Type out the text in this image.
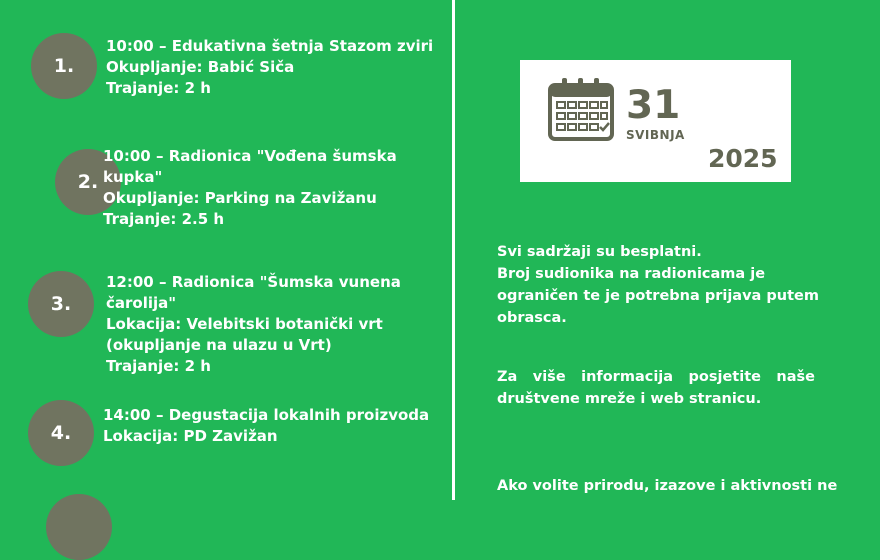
1.
10:00 – Edukativna šetnja Stazom zviri
Okupljanje: Babić Siča
Trajanje: 2 h
2.
10:00 – Radionica "Vođena šumska
kupka"
Okupljanje: Parking na Zavižanu
Trajanje: 2.5 h
3.
12:00 – Radionica "Šumska vunena
čarolija"
Lokacija: Velebitski botanički vrt
(okupljanje na ulazu u Vrt)
Trajanje: 2 h
4.
14:00 – Degustacija lokalnih proizvoda
Lokacija: PD Zavižan
31
SVIBNJA
2025
Svi sadržaji su besplatni.
Broj sudionika na radionicama je
ograničen te je potrebna prijava putem
obrasca.
Za više informacija posjetite naše
društvene mreže i web stranicu.
Ako volite prirodu, izazove i aktivnosti ne
